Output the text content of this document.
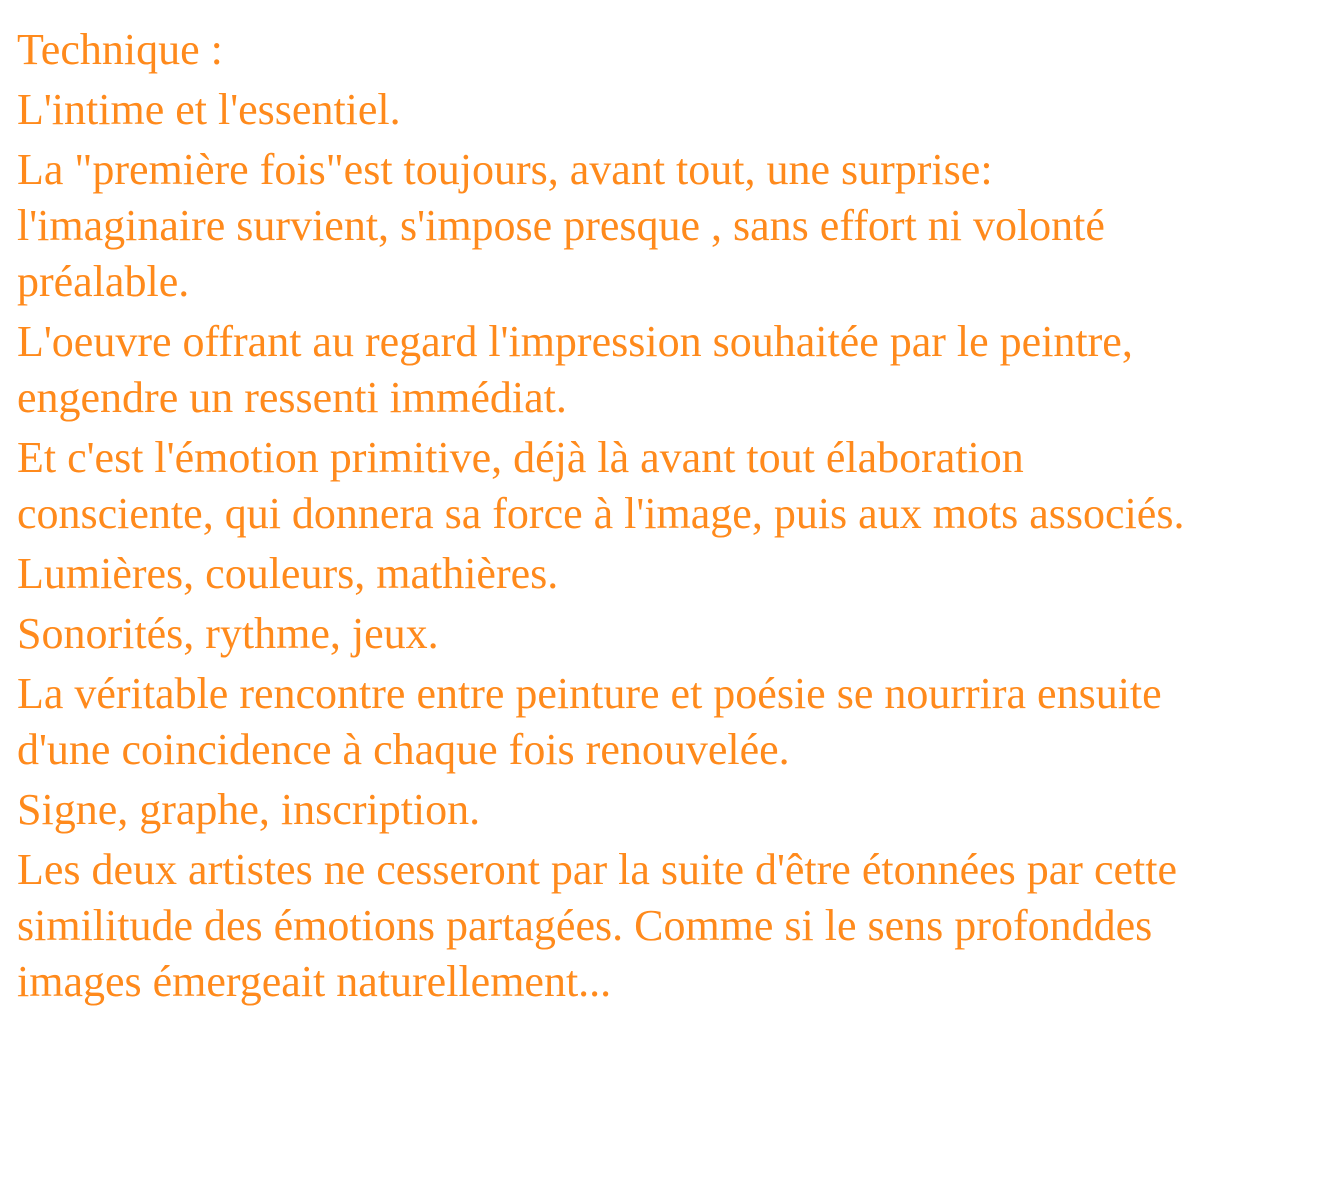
Technique :

L'intime et l'essentiel.

La "première fois"est toujours, avant tout, une surprise:
l'imaginaire survient, s'impose presque , sans effort ni volonté
préalable.

L'oeuvre offrant au regard l'impression souhaitée par le peintre,
engendre un ressenti immédiat.

Et c'est l'émotion primitive, déjà là avant tout élaboration
consciente, qui donnera sa force à l'image, puis aux mots associés.

Lumières, couleurs, mathières.

Sonorités, rythme, jeux.

La véritable rencontre entre peinture et poésie se nourrira ensuite
d'une coincidence à chaque fois renouvelée.

Signe, graphe, inscription.

Les deux artistes ne cesseront par la suite d'être étonnées par cette
similitude des émotions partagées. Comme si le sens profonddes
images émergeait naturellement...
